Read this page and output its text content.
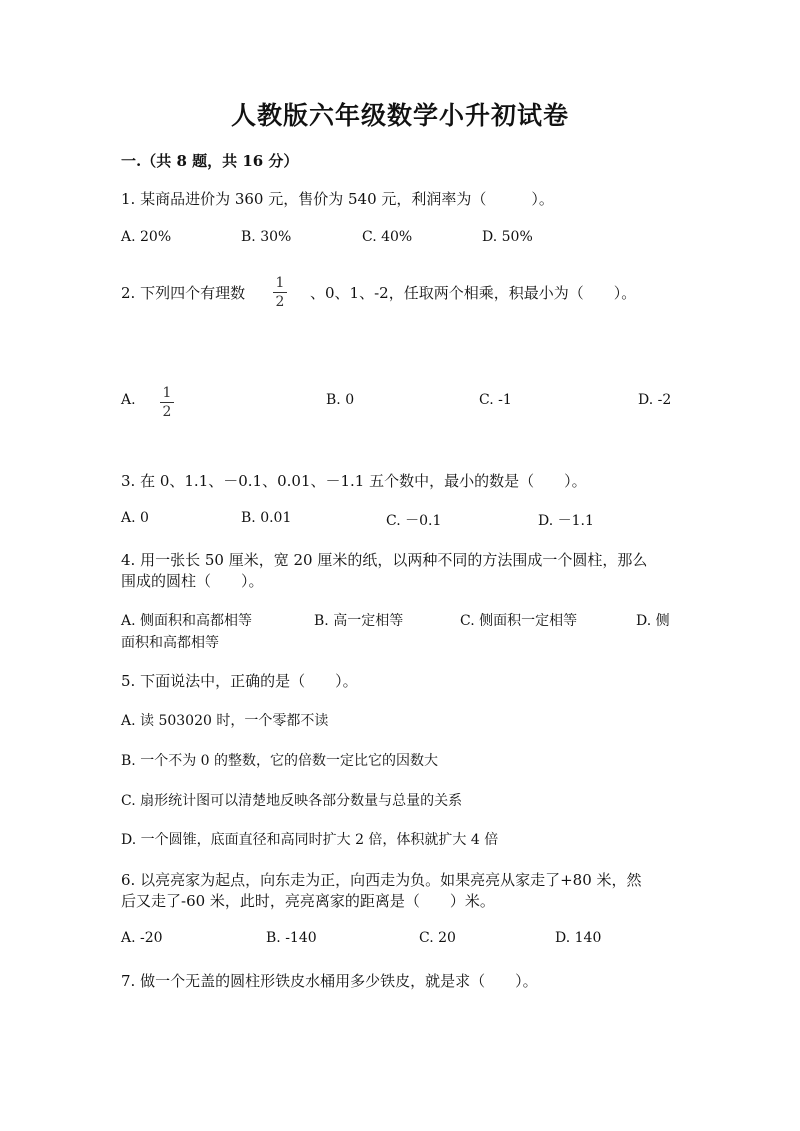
人教版六年级数学小升初试卷
一.（共 8 题，共 16 分）
1. 某商品进价为 360 元，售价为 540 元，利润率为（　　　）。
A. 20%	B. 30%	C. 40%	D. 50%
2. 下列四个有理数
1
2 、0、1、-2，任取两个相乘，积最小为（　　）。
A. 1
2
B. 0	C. -1	D. -2
3. 在 0、1.1、－0.1、0.01、－1.1 五个数中，最小的数是（　　）。
A. 0	B. 0.01	C. －0.1	D. －1.1
4. 用一张长 50 厘米，宽 20 厘米的纸，以两种不同的方法围成一个圆柱，那么
围成的圆柱（　　）。
A. 侧面积和高都相等	B. 高一定相等	C. 侧面积一定相等	D. 侧
面积和高都相等
5. 下面说法中，正确的是（　　）。
A. 读 503020 时，一个零都不读
B. 一个不为 0 的整数，它的倍数一定比它的因数大
C. 扇形统计图可以清楚地反映各部分数量与总量的关系
D. 一个圆锥，底面直径和高同时扩大 2 倍，体积就扩大 4 倍
6. 以亮亮家为起点，向东走为正，向西走为负。如果亮亮从家走了+80 米，然
后又走了-60 米，此时，亮亮离家的距离是（　　）米。
A. -20	B. -140	C. 20	D. 140
7. 做一个无盖的圆柱形铁皮水桶用多少铁皮，就是求（　　）。
